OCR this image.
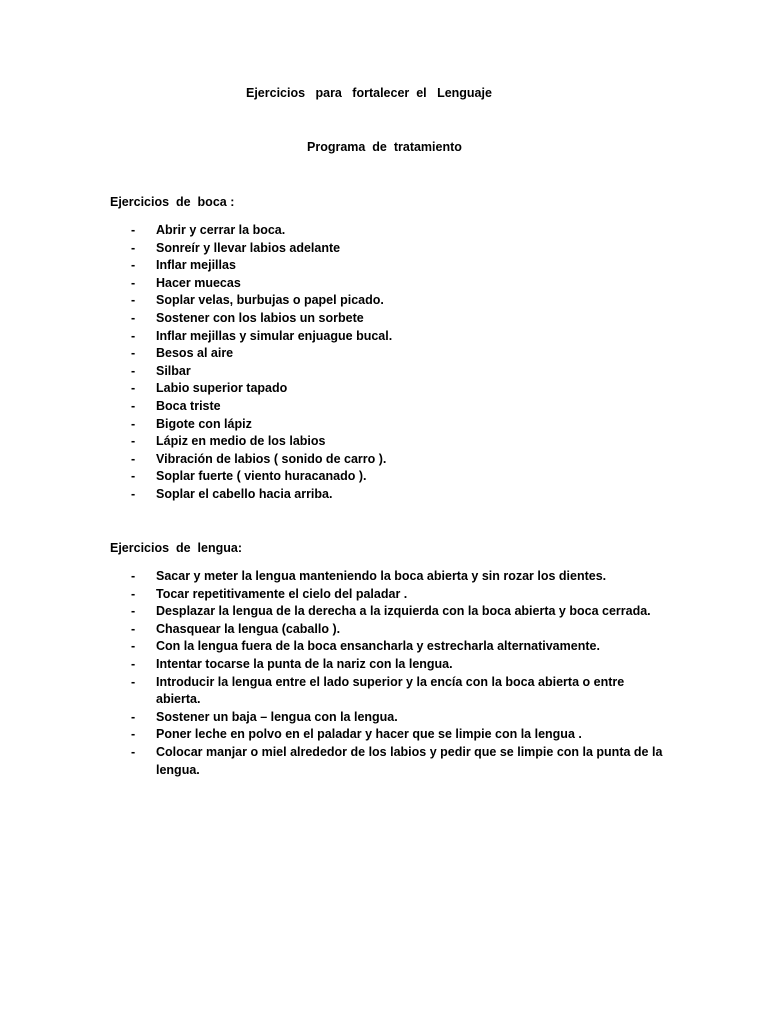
Ejercicios   para   fortalecer  el   Lenguaje
Programa  de  tratamiento
Ejercicios  de  boca :
- Abrir y cerrar la boca.
- Sonreír y llevar labios adelante
- Inflar mejillas
- Hacer muecas
- Soplar velas, burbujas o papel picado.
- Sostener con los labios un sorbete
- Inflar mejillas y simular enjuague bucal.
- Besos al aire
- Silbar
- Labio superior tapado
- Boca triste
- Bigote con lápiz
- Lápiz en medio de los labios
- Vibración de labios ( sonido de carro ).
- Soplar fuerte ( viento huracanado ).
- Soplar el cabello hacia arriba.
Ejercicios  de  lengua:
- Sacar y meter la lengua manteniendo la boca abierta y sin rozar los dientes.
- Tocar repetitivamente el cielo del paladar .
- Desplazar la lengua de la derecha a la izquierda con la boca abierta y boca cerrada.
- Chasquear la lengua (caballo ).
- Con la lengua fuera de la boca ensancharla y estrecharla alternativamente.
- Intentar tocarse la punta de la nariz con la lengua.
- Introducir la lengua entre el lado superior y la encía con la boca abierta o entre abierta.
- Sostener un baja – lengua con la lengua.
- Poner leche en polvo en el paladar y hacer que se limpie con la lengua .
- Colocar manjar o miel alrededor de los labios y pedir que se limpie con la punta de la lengua.
